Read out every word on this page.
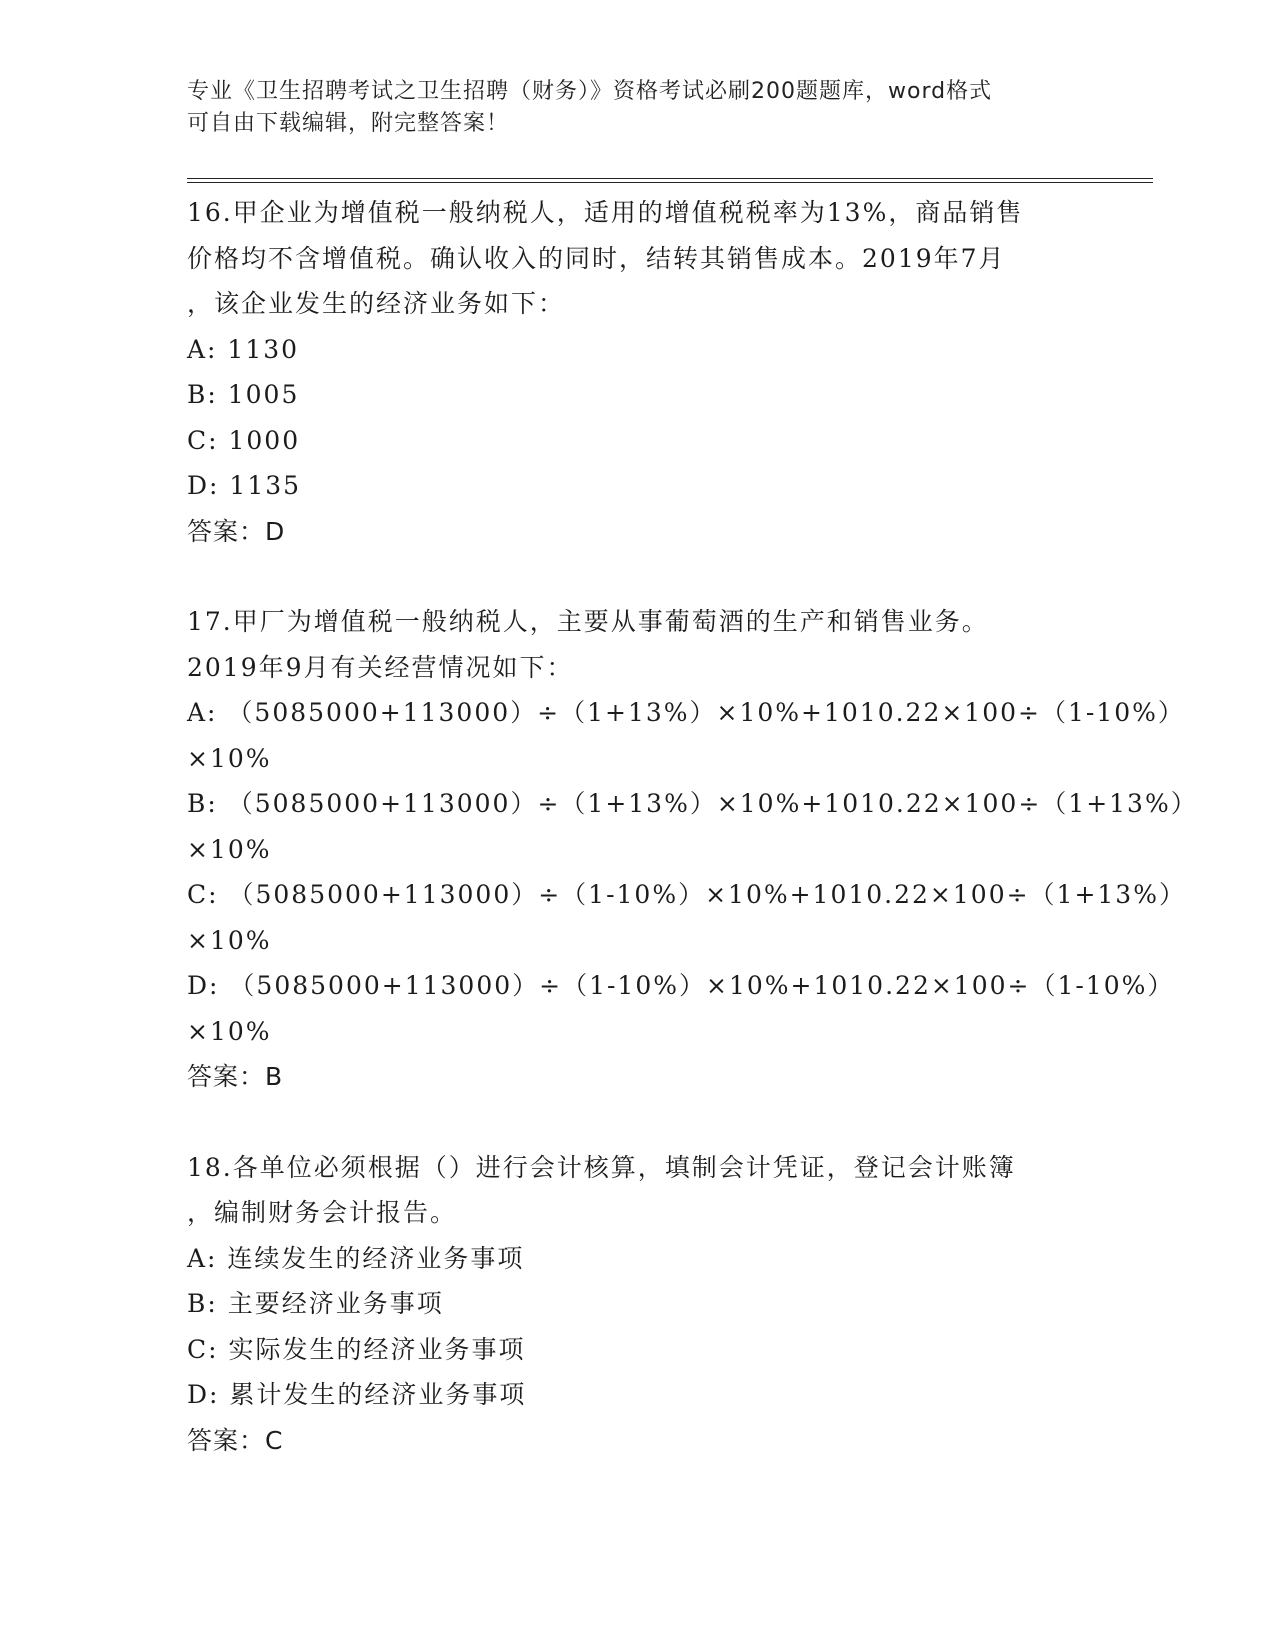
专业《卫生招聘考试之卫生招聘（财务）》资格考试必刷200题题库，word格式
可自由下载编辑，附完整答案！
16.甲企业为增值税一般纳税人，适用的增值税税率为13%，商品销售
价格均不含增值税。确认收入的同时，结转其销售成本。2019年7月
，该企业发生的经济业务如下：
A: 1130
B: 1005
C: 1000
D: 1135
答案：D
17.甲厂为增值税一般纳税人，主要从事葡萄酒的生产和销售业务。
2019年9月有关经营情况如下：
A: （5085000+113000）÷（1+13%）×10%+1010.22×100÷（1-10%）
×10%
B: （5085000+113000）÷（1+13%）×10%+1010.22×100÷（1+13%）
×10%
C: （5085000+113000）÷（1-10%）×10%+1010.22×100÷（1+13%）
×10%
D: （5085000+113000）÷（1-10%）×10%+1010.22×100÷（1-10%）
×10%
答案：B
18.各单位必须根据（）进行会计核算，填制会计凭证，登记会计账簿
，编制财务会计报告。
A: 连续发生的经济业务事项
B: 主要经济业务事项
C: 实际发生的经济业务事项
D: 累计发生的经济业务事项
答案：C
